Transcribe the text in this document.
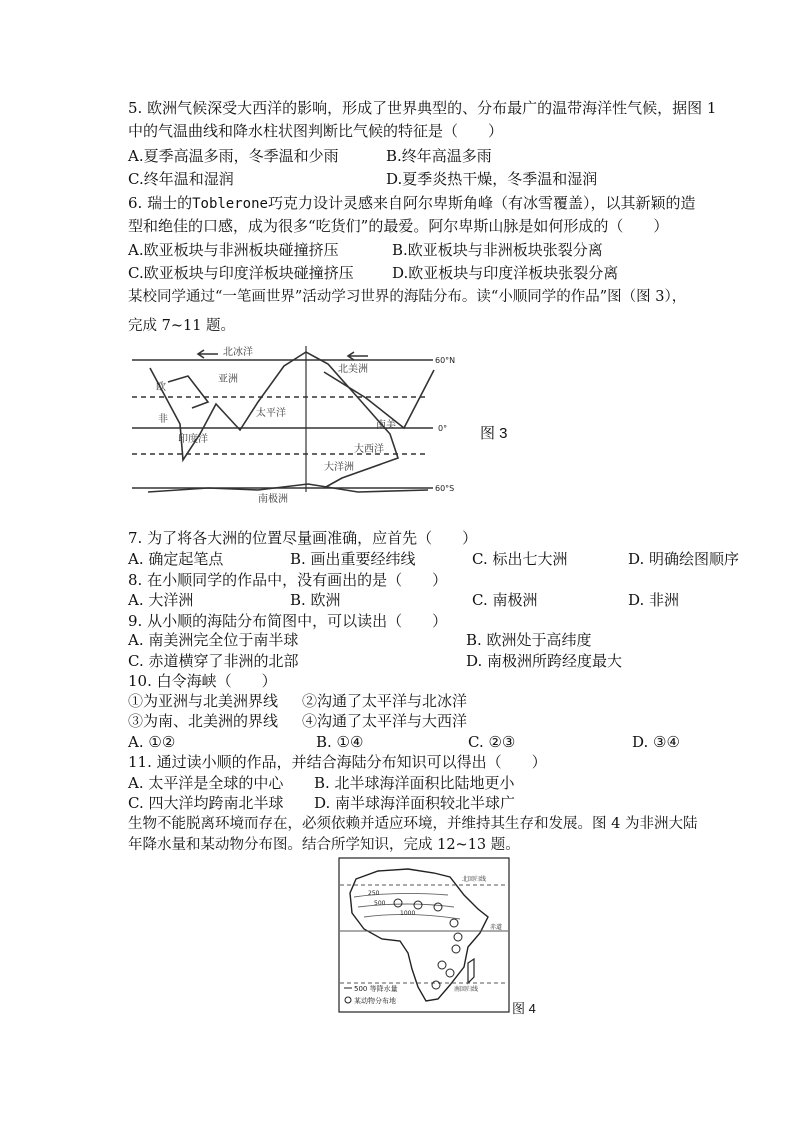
5. 欧洲气候深受大西洋的影响，形成了世界典型的、分布最广的温带海洋性气候，据图 1
中的气温曲线和降水柱状图判断比气候的特征是（　　）
A.夏季高温多雨，冬季温和少雨	B.终年高温多雨
C.终年温和湿润	D.夏季炎热干燥，冬季温和湿润
6. 瑞士的Toblerone巧克力设计灵感来自阿尔卑斯角峰（有冰雪覆盖），以其新颖的造
型和绝佳的口感，成为很多“吃货们”的最爱。阿尔卑斯山脉是如何形成的（　　）
A.欧亚板块与非洲板块碰撞挤压	B.欧亚板块与非洲板块张裂分离
C.欧亚板块与印度洋板块碰撞挤压	D.欧亚板块与印度洋板块张裂分离
某校同学通过“一笔画世界”活动学习世界的海陆分布。读“小顺同学的作品”图（图 3），
完成 7~11 题。
60°N
0°
60°S
北冰洋
亚洲
北美洲
欧
非
太平洋
大西洋
南美
大洋洲
印度洋
南极洲
图 3
7. 为了将各大洲的位置尽量画准确，应首先（　　）
A. 确定起笔点	B. 画出重要经纬线	C. 标出七大洲	D. 明确绘图顺序
8. 在小顺同学的作品中，没有画出的是（　　）
A. 大洋洲	B. 欧洲	C. 南极洲	D. 非洲
9. 从小顺的海陆分布简图中，可以读出（　　）
A. 南美洲完全位于南半球	B. 欧洲处于高纬度
C. 赤道横穿了非洲的北部	D. 南极洲所跨经度最大
10. 白令海峡（　　）
①为亚洲与北美洲界线 ②沟通了太平洋与北冰洋
③为南、北美洲的界线 ④沟通了太平洋与大西洋
A. ①②	B. ①④	C. ②③	D. ③④
11. 通过读小顺的作品，并结合海陆分布知识可以得出（　　）
A. 太平洋是全球的中心 B. 北半球海洋面积比陆地更小
C. 四大洋均跨南北半球 D. 南半球海洋面积较北半球广
生物不能脱离环境而存在，必须依赖并适应环境，并维持其生存和发展。图 4 为非洲大陆
年降水量和某动物分布图。结合所学知识，完成 12~13 题。
北回归线
赤道
南回归线
250
500
1000
500 等降水量
某动物分布地	图 4
